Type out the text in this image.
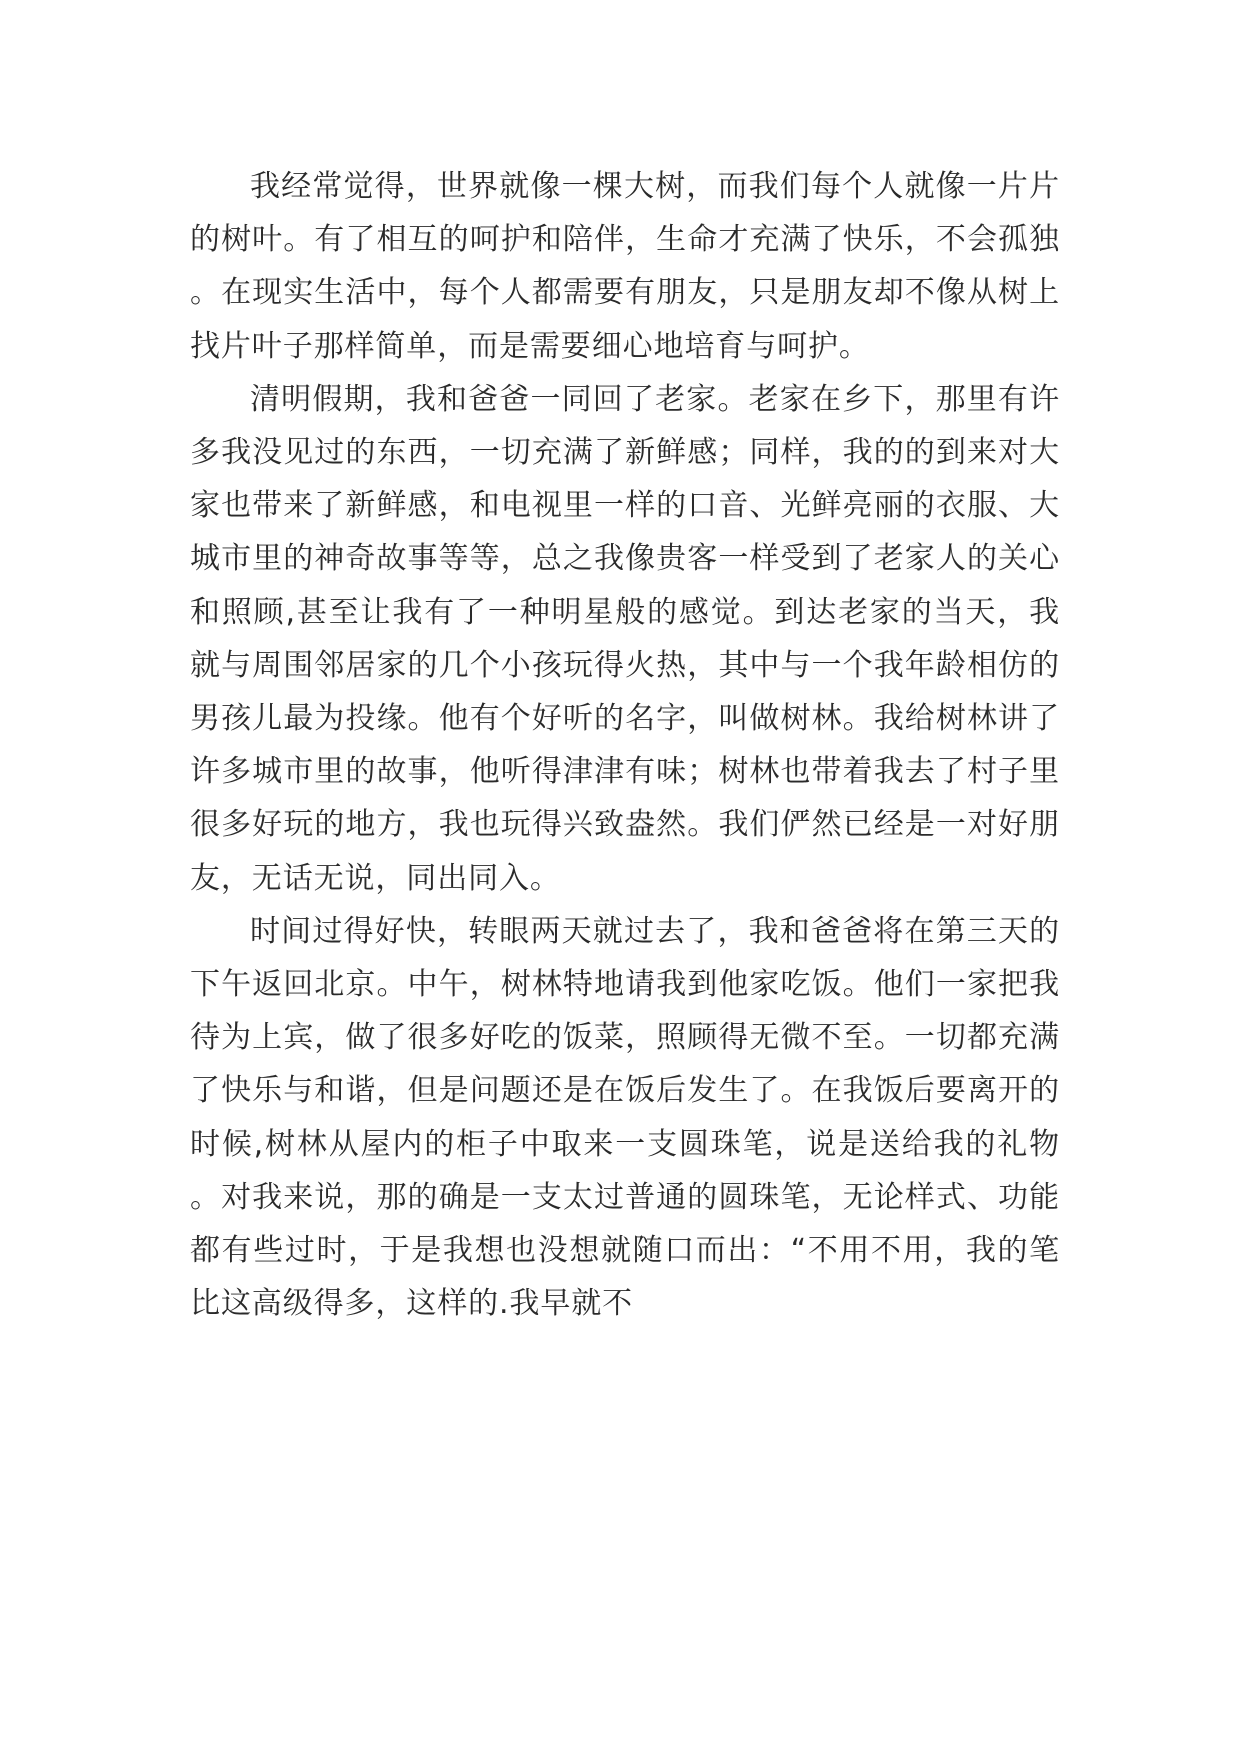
我经常觉得，世界就像一棵大树，而我们每个人就像一片片的树叶。有了相互的呵护和陪伴，生命才充满了快乐，不会孤独。在现实生活中，每个人都需要有朋友，只是朋友却不像从树上找片叶子那样简单，而是需要细心地培育与呵护。

清明假期，我和爸爸一同回了老家。老家在乡下，那里有许多我没见过的东西，一切充满了新鲜感；同样，我的的到来对大家也带来了新鲜感，和电视里一样的口音、光鲜亮丽的衣服、大城市里的神奇故事等等，总之我像贵客一样受到了老家人的关心和照顾,甚至让我有了一种明星般的感觉。到达老家的当天，我就与周围邻居家的几个小孩玩得火热，其中与一个我年龄相仿的男孩儿最为投缘。他有个好听的名字，叫做树林。我给树林讲了许多城市里的故事，他听得津津有味；树林也带着我去了村子里很多好玩的地方，我也玩得兴致盎然。我们俨然已经是一对好朋友，无话无说，同出同入。

时间过得好快，转眼两天就过去了，我和爸爸将在第三天的下午返回北京。中午，树林特地请我到他家吃饭。他们一家把我待为上宾，做了很多好吃的饭菜，照顾得无微不至。一切都充满了快乐与和谐，但是问题还是在饭后发生了。在我饭后要离开的时候,树林从屋内的柜子中取来一支圆珠笔，说是送给我的礼物。对我来说，那的确是一支太过普通的圆珠笔，无论样式、功能都有些过时，于是我想也没想就随口而出：“不用不用，我的笔比这高级得多，这样的.我早就不
